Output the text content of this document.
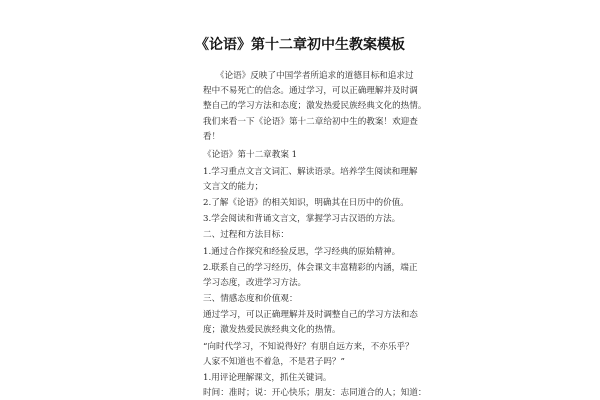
《论语》第十二章初中生教案模板
　　《论语》反映了中国学者所追求的道德目标和追求过
程中不易死亡的信念。通过学习，可以正确理解并及时调
整自己的学习方法和态度；激发热爱民族经典文化的热情。
我们来看一下《论语》第十二章给初中生的教案！欢迎查
看！
《论语》第十二章教案 1
1.学习重点文言文词汇、解读语录。培养学生阅读和理解
文言文的能力；
2.了解《论语》的相关知识，明确其在日历中的价值。
3.学会阅读和背诵文言文，掌握学习古汉语的方法。
二、过程和方法目标：
1.通过合作探究和经验反思，学习经典的原始精神。
2.联系自己的学习经历，体会课文丰富精彩的内涵，端正
学习态度，改进学习方法。
三、情感态度和价值观：
通过学习，可以正确理解并及时调整自己的学习方法和态
度；激发热爱民族经典文化的热情。
“向时代学习，不知说得好？有朋自远方来，不亦乐乎？
人家不知道也不着急，不是君子吗？”
1.用评论理解课文，抓住关键词。
时间：准时；说：开心快乐；朋友：志同道合的人；知道：
